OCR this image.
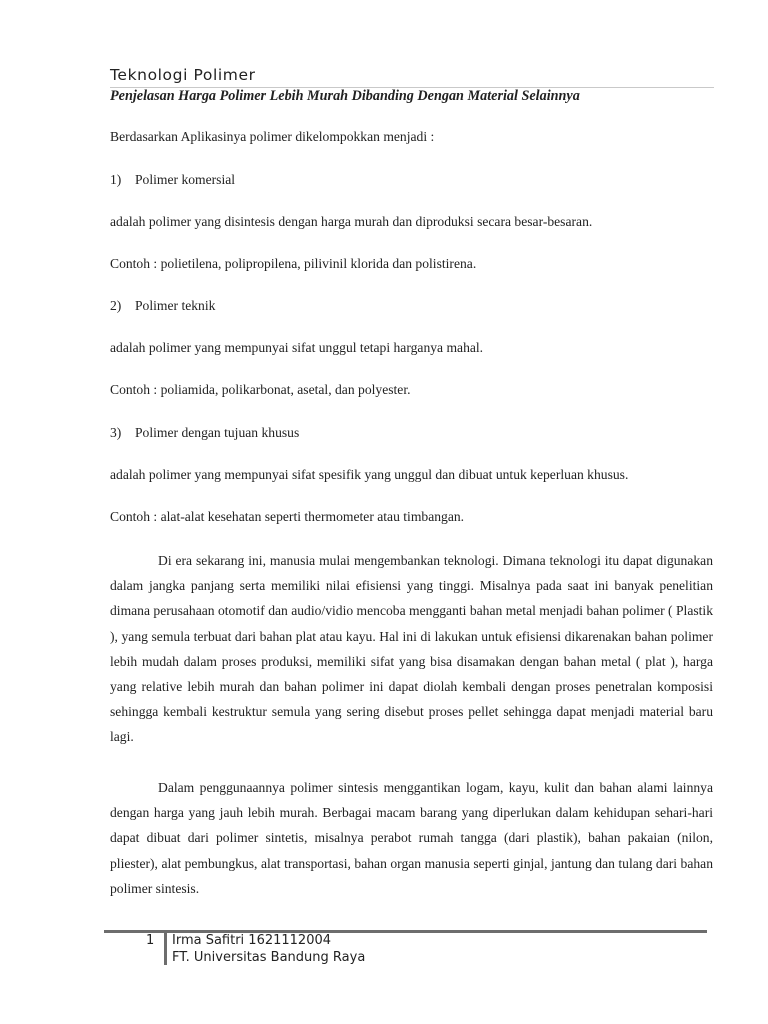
Teknologi Polimer
Penjelasan Harga Polimer Lebih Murah Dibanding Dengan Material Selainnya
Berdasarkan Aplikasinya polimer dikelompokkan menjadi :
1) Polimer komersial
adalah polimer yang disintesis dengan harga murah dan diproduksi secara besar-besaran.
Contoh : polietilena, polipropilena, pilivinil klorida dan polistirena.
2) Polimer teknik
adalah polimer yang mempunyai sifat unggul tetapi harganya mahal.
Contoh : poliamida, polikarbonat, asetal, dan polyester.
3) Polimer dengan tujuan khusus
adalah polimer yang mempunyai sifat spesifik yang unggul dan dibuat untuk keperluan khusus.
Contoh : alat-alat kesehatan seperti thermometer atau timbangan.

Di era sekarang ini, manusia mulai mengembankan teknologi. Dimana teknologi itu dapat digunakan dalam jangka panjang serta memiliki nilai efisiensi yang tinggi. Misalnya pada saat ini banyak penelitian dimana perusahaan otomotif dan audio/vidio mencoba mengganti bahan metal menjadi bahan polimer ( Plastik ), yang semula terbuat dari bahan plat atau kayu. Hal ini di lakukan untuk efisiensi dikarenakan bahan polimer lebih mudah dalam proses produksi, memiliki sifat yang bisa disamakan dengan bahan metal ( plat ), harga yang relative lebih murah dan bahan polimer ini dapat diolah kembali dengan proses penetralan komposisi sehingga kembali kestruktur semula yang sering disebut proses pellet sehingga dapat menjadi material baru lagi.

Dalam penggunaannya polimer sintesis menggantikan logam, kayu, kulit dan bahan alami lainnya dengan harga yang jauh lebih murah. Berbagai macam barang yang diperlukan dalam kehidupan sehari-hari dapat dibuat dari polimer sintetis, misalnya perabot rumah tangga (dari plastik), bahan pakaian (nilon, pliester), alat pembungkus, alat transportasi, bahan organ manusia seperti ginjal, jantung dan tulang dari bahan polimer sintesis.

1 Irma Safitri 1621112004
FT. Universitas Bandung Raya
